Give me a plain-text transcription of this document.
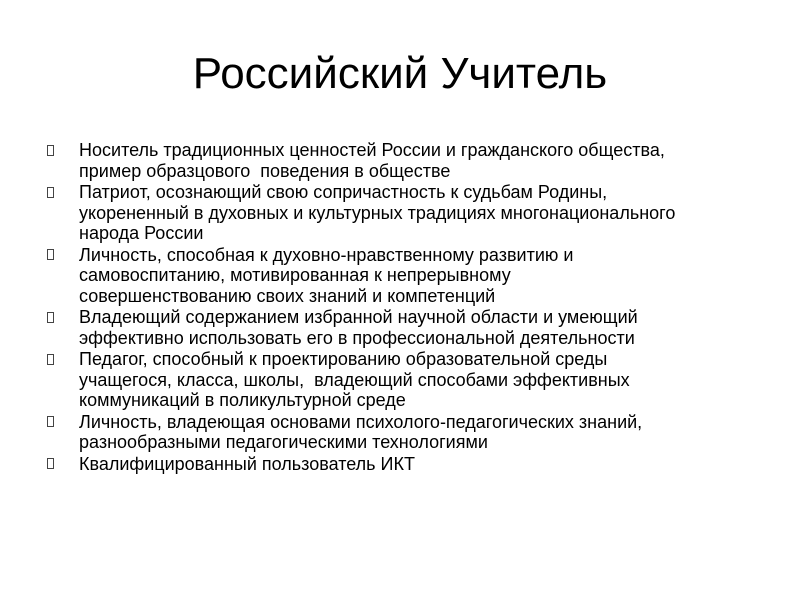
Российский Учитель
Носитель традиционных ценностей России и гражданского общества,
пример образцового  поведения в обществе
Патриот, осознающий свою сопричастность к судьбам Родины,
укорененный в духовных и культурных традициях многонационального
народа России
Личность, способная к духовно-нравственному развитию и
самовоспитанию, мотивированная к непрерывному
совершенствованию своих знаний и компетенций
Владеющий содержанием избранной научной области и умеющий
эффективно использовать его в профессиональной деятельности
Педагог, способный к проектированию образовательной среды
учащегося, класса, школы,  владеющий способами эффективных
коммуникаций в поликультурной среде
Личность, владеющая основами психолого-педагогических знаний,
разнообразными педагогическими технологиями
Квалифицированный пользователь ИКТ
